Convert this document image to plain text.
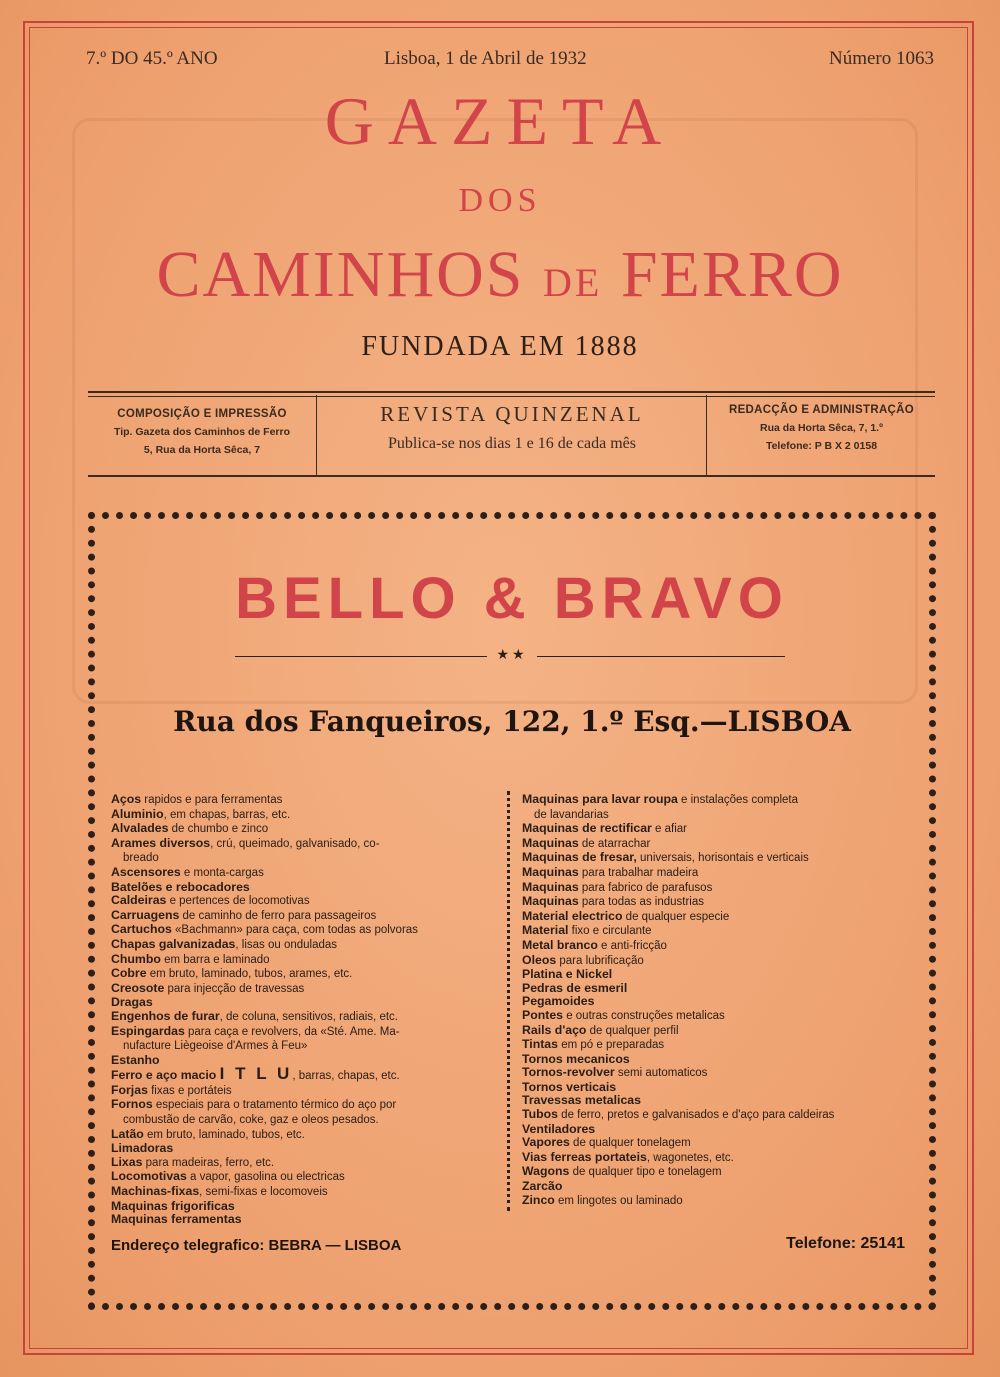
7.º DO 45.º ANO	Lisboa, 1 de Abril de 1932	Número 1063
GAZETA
DOS
CAMINHOS DE FERRO
FUNDADA EM 1888
COMPOSIÇÃO E IMPRESSÃO
Tip. Gazeta dos Caminhos de Ferro
5, Rua da Horta Sêca, 7
REVISTA QUINZENAL
Publica-se nos dias 1 e 16 de cada mês
REDACÇÃO E ADMINISTRAÇÃO
Rua da Horta Sêca, 7, 1.º
Telefone: P B X 2 0158
BELLO & BRAVO
★★
Rua dos Fanqueiros, 122, 1.º Esq.—LISBOA
Aços rapidos e para ferramentas
Aluminio, em chapas, barras, etc.
Alvalades de chumbo e zinco
Arames diversos, crú, queimado, galvanisado, co-
breado
Ascensores e monta-cargas
Batelões e rebocadores
Caldeiras e pertences de locomotivas
Carruagens de caminho de ferro para passageiros
Cartuchos «Bachmann» para caça, com todas as polvoras
Chapas galvanizadas, lisas ou onduladas
Chumbo em barra e laminado
Cobre em bruto, laminado, tubos, arames, etc.
Creosote para injecção de travessas
Dragas
Engenhos de furar, de coluna, sensitivos, radiais, etc.
Espingardas para caça e revolvers, da «Sté. Ame. Ma-
nufacture Liègeoise d'Armes à Feu»
Estanho
Ferro e aço macio I T L U, barras, chapas, etc.
Forjas fixas e portáteis
Fornos especiais para o tratamento térmico do aço por
combustão de carvão, coke, gaz e oleos pesados.
Latão em bruto, laminado, tubos, etc.
Limadoras
Lixas para madeiras, ferro, etc.
Locomotivas a vapor, gasolina ou electricas
Machinas-fixas, semi-fixas e locomoveis
Maquinas frigorificas
Maquinas ferramentas
Maquinas para lavar roupa e instalações completa
de lavandarias
Maquinas de rectificar e afiar
Maquinas de atarrachar
Maquinas de fresar, universais, horisontais e verticais
Maquinas para trabalhar madeira
Maquinas para fabrico de parafusos
Maquinas para todas as industrias
Material electrico de qualquer especie
Material fixo e circulante
Metal branco e anti-fricção
Oleos para lubrificação
Platina e Nickel
Pedras de esmeril
Pegamoides
Pontes e outras construções metalicas
Rails d'aço de qualquer perfil
Tintas em pó e preparadas
Tornos mecanicos
Tornos-revolver semi automaticos
Tornos verticais
Travessas metalicas
Tubos de ferro, pretos e galvanisados e d'aço para caldeiras
Ventiladores
Vapores de qualquer tonelagem
Vias ferreas portateis, wagonetes, etc.
Wagons de qualquer tipo e tonelagem
Zarcão
Zinco em lingotes ou laminado
Endereço telegrafico: BEBRA — LISBOA	Telefone: 25141
